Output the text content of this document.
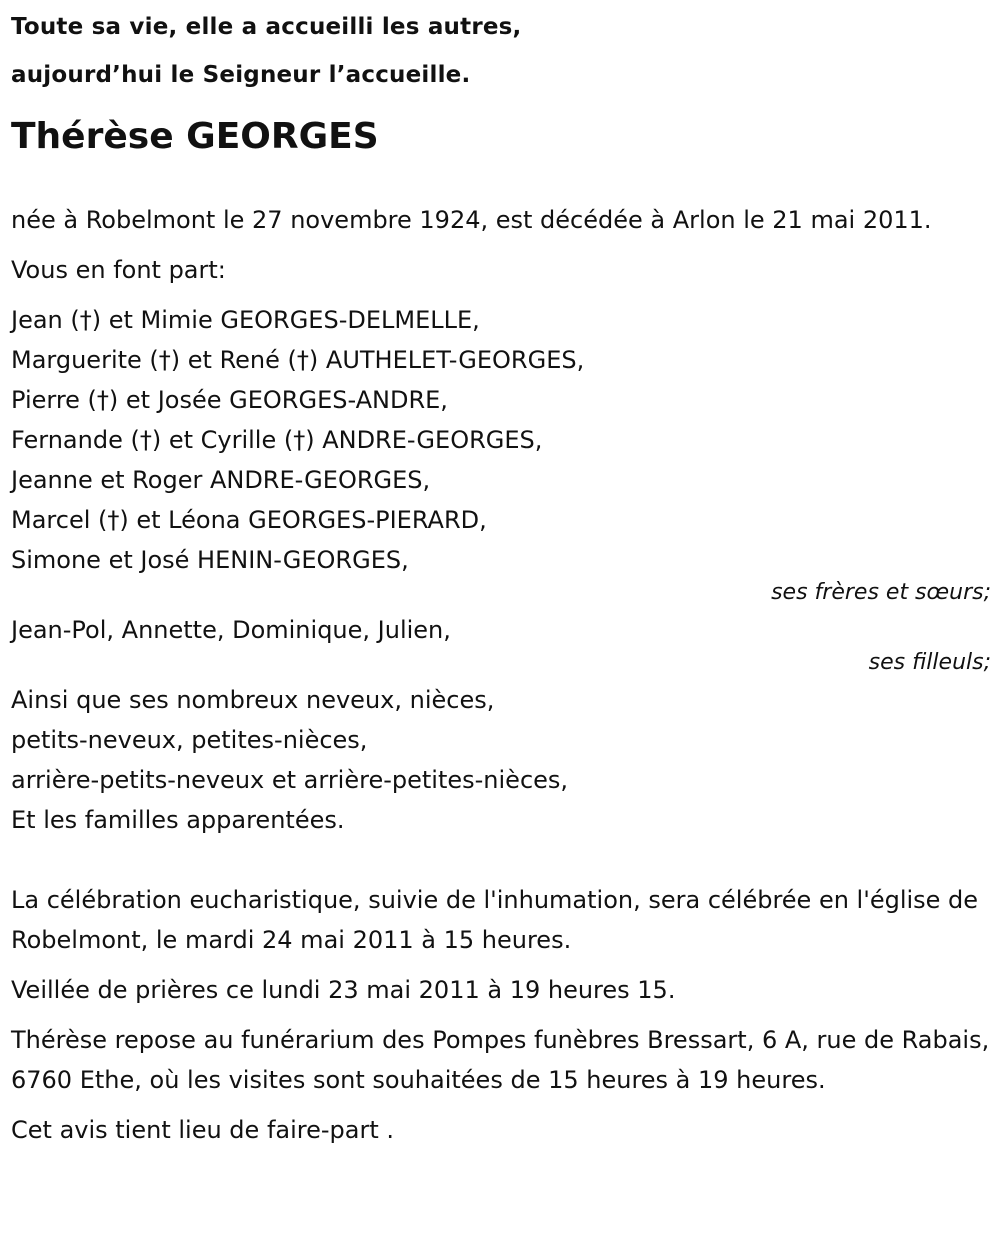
Toute sa vie, elle a accueilli les autres,
aujourd’hui le Seigneur l’accueille.
Thérèse GEORGES

née à Robelmont le 27 novembre 1924, est décédée à Arlon le 21 mai 2011.

Vous en font part:

Jean (†) et Mimie GEORGES-DELMELLE,

Marguerite (†) et René (†) AUTHELET-GEORGES,

Pierre (†) et Josée GEORGES-ANDRE,

Fernande (†) et Cyrille (†) ANDRE-GEORGES,

Jeanne et Roger ANDRE-GEORGES,

Marcel (†) et Léona GEORGES-PIERARD,

Simone et José HENIN-GEORGES,

ses frères et sœurs;

Jean-Pol, Annette, Dominique, Julien,

ses filleuls;

Ainsi que ses nombreux neveux, nièces,

petits-neveux, petites-nièces,

arrière-petits-neveux et arrière-petites-nièces,

Et les familles apparentées.

La célébration eucharistique, suivie de l'inhumation, sera célébrée en l'église de Robelmont, le mardi 24 mai 2011 à 15 heures.

Veillée de prières ce lundi 23 mai 2011 à 19 heures 15.

Thérèse repose au funérarium des Pompes funèbres Bressart, 6 A, rue de Rabais, 6760 Ethe, où les visites sont souhaitées de 15 heures à 19 heures.

Cet avis tient lieu de faire-part .
